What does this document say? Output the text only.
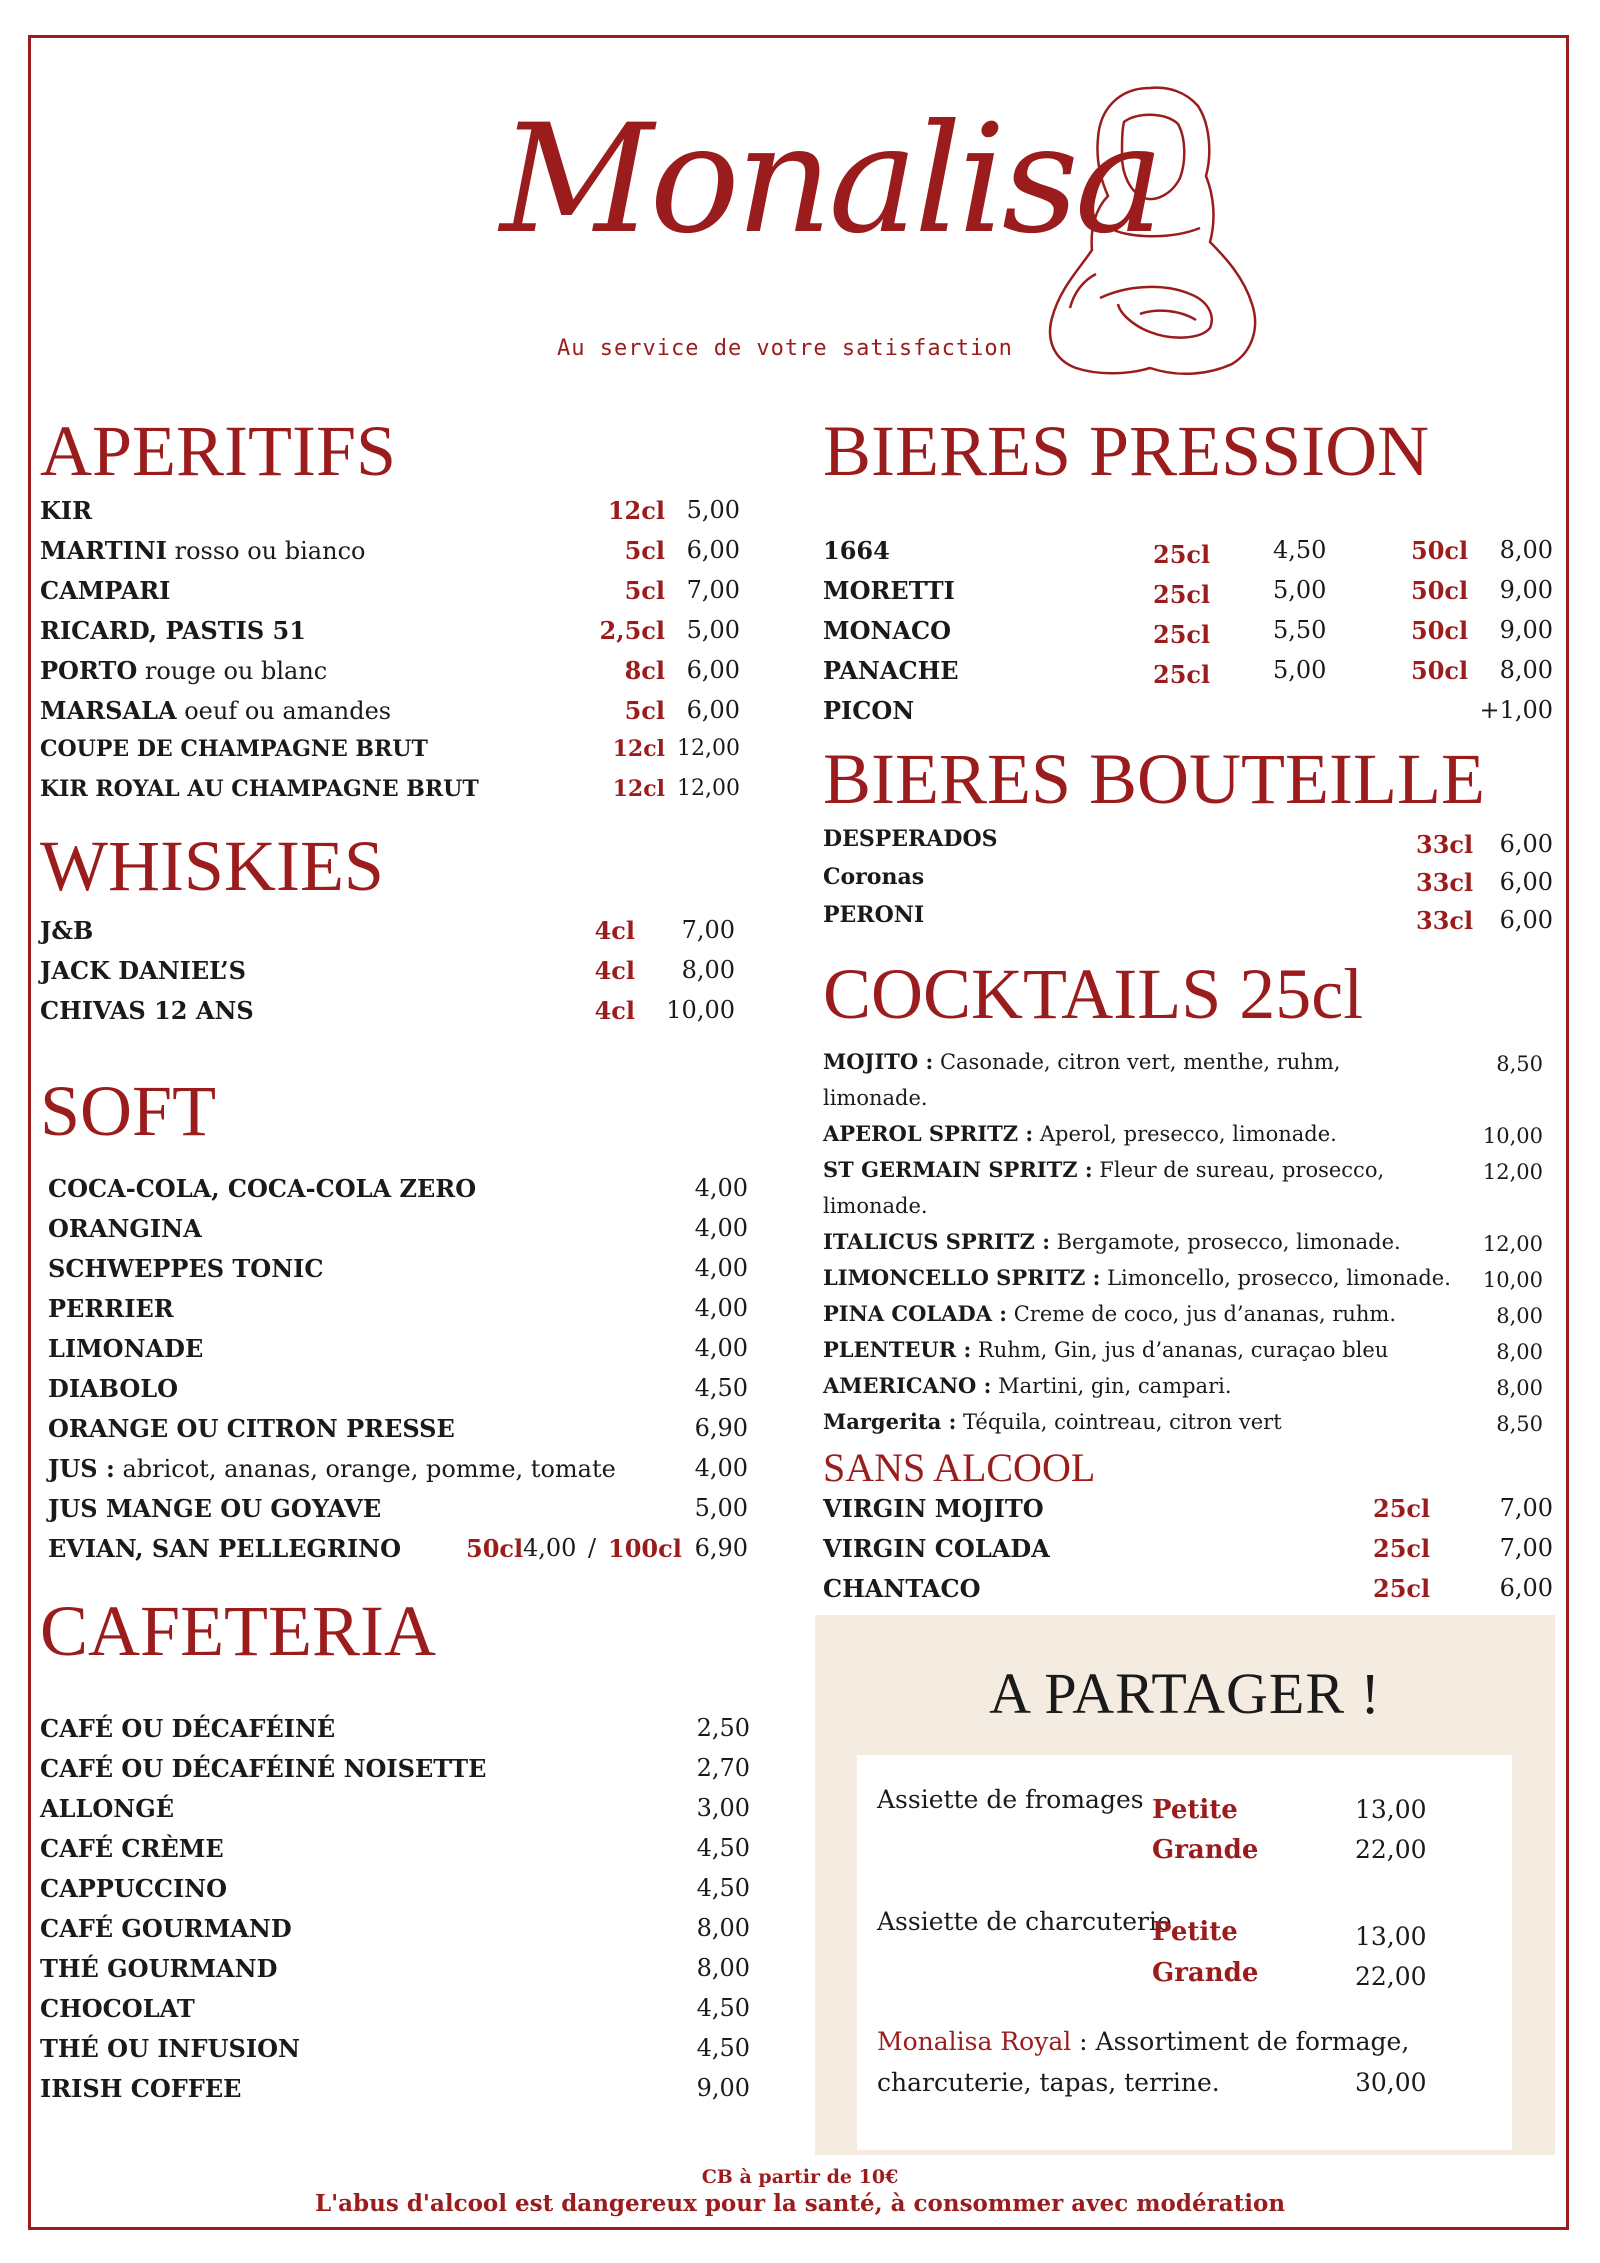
Monalisa
Au service de votre satisfaction
APERITIFS
KIR	12cl 5,00
MARTINI rosso ou bianco	5cl 6,00
CAMPARI	5cl 7,00
RICARD, PASTIS 51	2,5cl 5,00
PORTO rouge ou blanc	8cl 6,00
MARSALA oeuf ou amandes	5cl 6,00
COUPE DE CHAMPAGNE BRUT	12cl 12,00
KIR ROYAL AU CHAMPAGNE BRUT	12cl 12,00
WHISKIES
J&B	4cl 7,00
JACK DANIEL’S	4cl 8,00
CHIVAS 12 ANS	4cl 10,00
SOFT
COCA-COLA, COCA-COLA ZERO	4,00
ORANGINA	4,00
SCHWEPPES TONIC	4,00
PERRIER	4,00
LIMONADE	4,00
DIABOLO	4,50
ORANGE OU CITRON PRESSE	6,90
JUS : abricot, ananas, orange, pomme, tomate	4,00
JUS MANGE OU GOYAVE	5,00
EVIAN, SAN PELLEGRINO	50cl 4,00 / 100cl 6,90
CAFETERIA
CAFÉ OU DÉCAFÉINÉ	2,50
CAFÉ OU DÉCAFÉINÉ NOISETTE	2,70
ALLONGÉ	3,00
CAFÉ CRÈME	4,50
CAPPUCCINO	4,50
CAFÉ GOURMAND	8,00
THÉ GOURMAND	8,00
CHOCOLAT	4,50
THÉ OU INFUSION	4,50
IRISH COFFEE	9,00
BIERES PRESSION
1664	25cl	4,50	50cl 8,00
MORETTI	25cl	5,00	50cl 9,00
MONACO	25cl	5,50	50cl 9,00
PANACHE	25cl	5,00	50cl 8,00
PICON	+1,00
BIERES BOUTEILLE
DESPERADOS	33cl 6,00
Coronas	33cl 6,00
PERONI	33cl 6,00
COCKTAILS 25cl
MOJITO : Casonade, citron vert, menthe, ruhm,	8,50
limonade.
APEROL SPRITZ : Aperol, presecco, limonade.	10,00
ST GERMAIN SPRITZ : Fleur de sureau, prosecco,	12,00
limonade.
ITALICUS SPRITZ : Bergamote, prosecco, limonade.	12,00
LIMONCELLO SPRITZ : Limoncello, prosecco, limonade. 10,00
PINA COLADA : Creme de coco, jus d’ananas, ruhm.	8,00
PLENTEUR : Ruhm, Gin, jus d’ananas, curaçao bleu	8,00
AMERICANO : Martini, gin, campari.	8,00
Margerita : Téquila, cointreau, citron vert	8,50
SANS ALCOOL
VIRGIN MOJITO	25cl	7,00
VIRGIN COLADA	25cl	7,00
CHANTACO	25cl	6,00
A PARTAGER !
Assiette de fromages Petite	13,00
Grande	22,00
Assiette de charcuterie
Petite	13,00
Grande	22,00
Monalisa Royal : Assortiment de formage,
charcuterie, tapas, terrine.	30,00
CB à partir de 10€
L'abus d'alcool est dangereux pour la santé, à consommer avec modération
